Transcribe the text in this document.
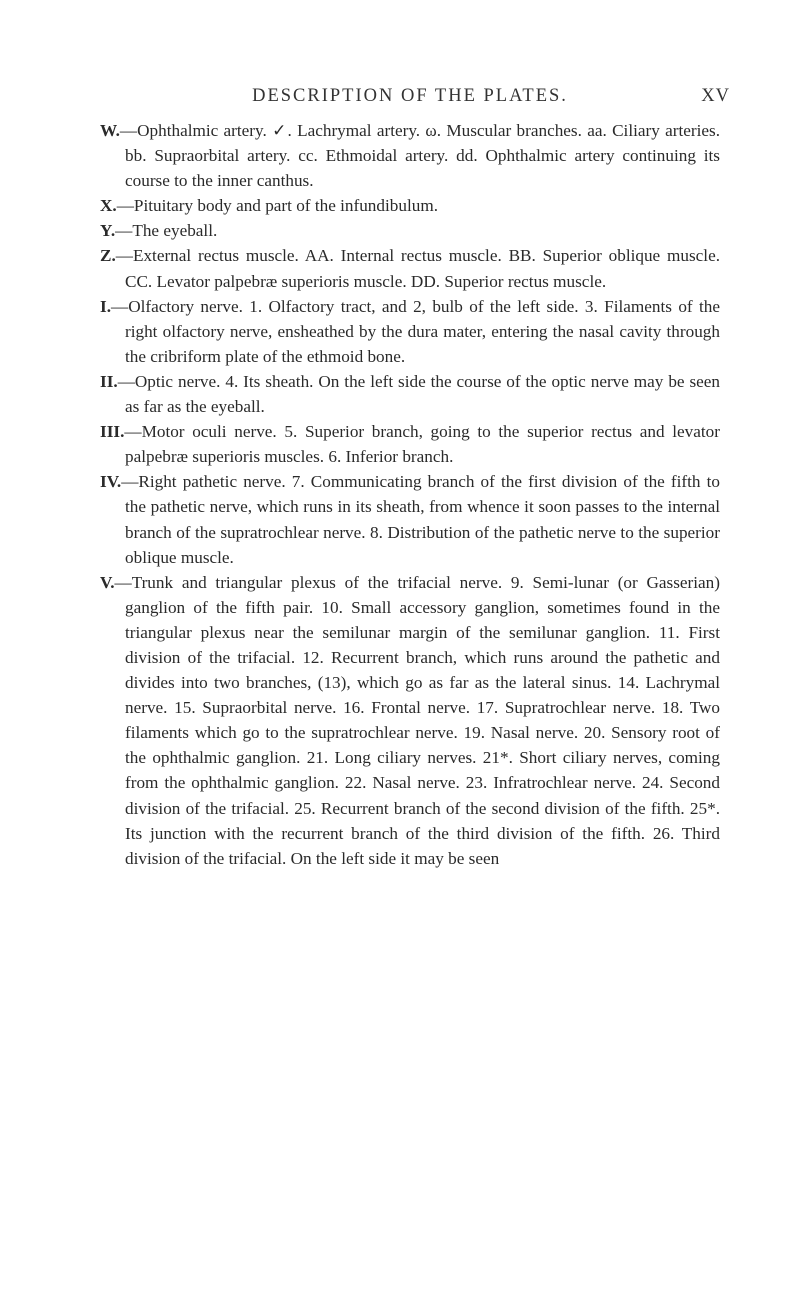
DESCRIPTION OF THE PLATES.	XV

W.—Ophthalmic artery. ✓. Lachrymal artery. ω. Muscular branches. aa. Ciliary arteries. bb. Supraorbital artery. cc. Ethmoidal artery. dd. Ophthalmic artery continuing its course to the inner canthus.

X.—Pituitary body and part of the infundibulum.

Y.—The eyeball.

Z.—External rectus muscle. AA. Internal rectus muscle. BB. Superior oblique muscle. CC. Levator palpebræ superioris muscle. DD. Superior rectus muscle.

I.—Olfactory nerve. 1. Olfactory tract, and 2, bulb of the left side. 3. Filaments of the right olfactory nerve, ensheathed by the dura mater, entering the nasal cavity through the cribriform plate of the ethmoid bone.

II.—Optic nerve. 4. Its sheath. On the left side the course of the optic nerve may be seen as far as the eyeball.

III.—Motor oculi nerve. 5. Superior branch, going to the superior rectus and levator palpebræ superioris muscles. 6. Inferior branch.

IV.—Right pathetic nerve. 7. Communicating branch of the first division of the fifth to the pathetic nerve, which runs in its sheath, from whence it soon passes to the internal branch of the supratrochlear nerve. 8. Distribution of the pathetic nerve to the superior oblique muscle.

V.—Trunk and triangular plexus of the trifacial nerve. 9. Semi-lunar (or Gasserian) ganglion of the fifth pair. 10. Small accessory ganglion, sometimes found in the triangular plexus near the semilunar margin of the semilunar ganglion. 11. First division of the trifacial. 12. Recurrent branch, which runs around the pathetic and divides into two branches, (13), which go as far as the lateral sinus. 14. Lachrymal nerve. 15. Supraorbital nerve. 16. Frontal nerve. 17. Supratrochlear nerve. 18. Two filaments which go to the supratrochlear nerve. 19. Nasal nerve. 20. Sensory root of the ophthalmic ganglion. 21. Long ciliary nerves. 21*. Short ciliary nerves, coming from the ophthalmic ganglion. 22. Nasal nerve. 23. Infratrochlear nerve. 24. Second division of the trifacial. 25. Recurrent branch of the second division of the fifth. 25*. Its junction with the recurrent branch of the third division of the fifth. 26. Third division of the trifacial. On the left side it may be seen
